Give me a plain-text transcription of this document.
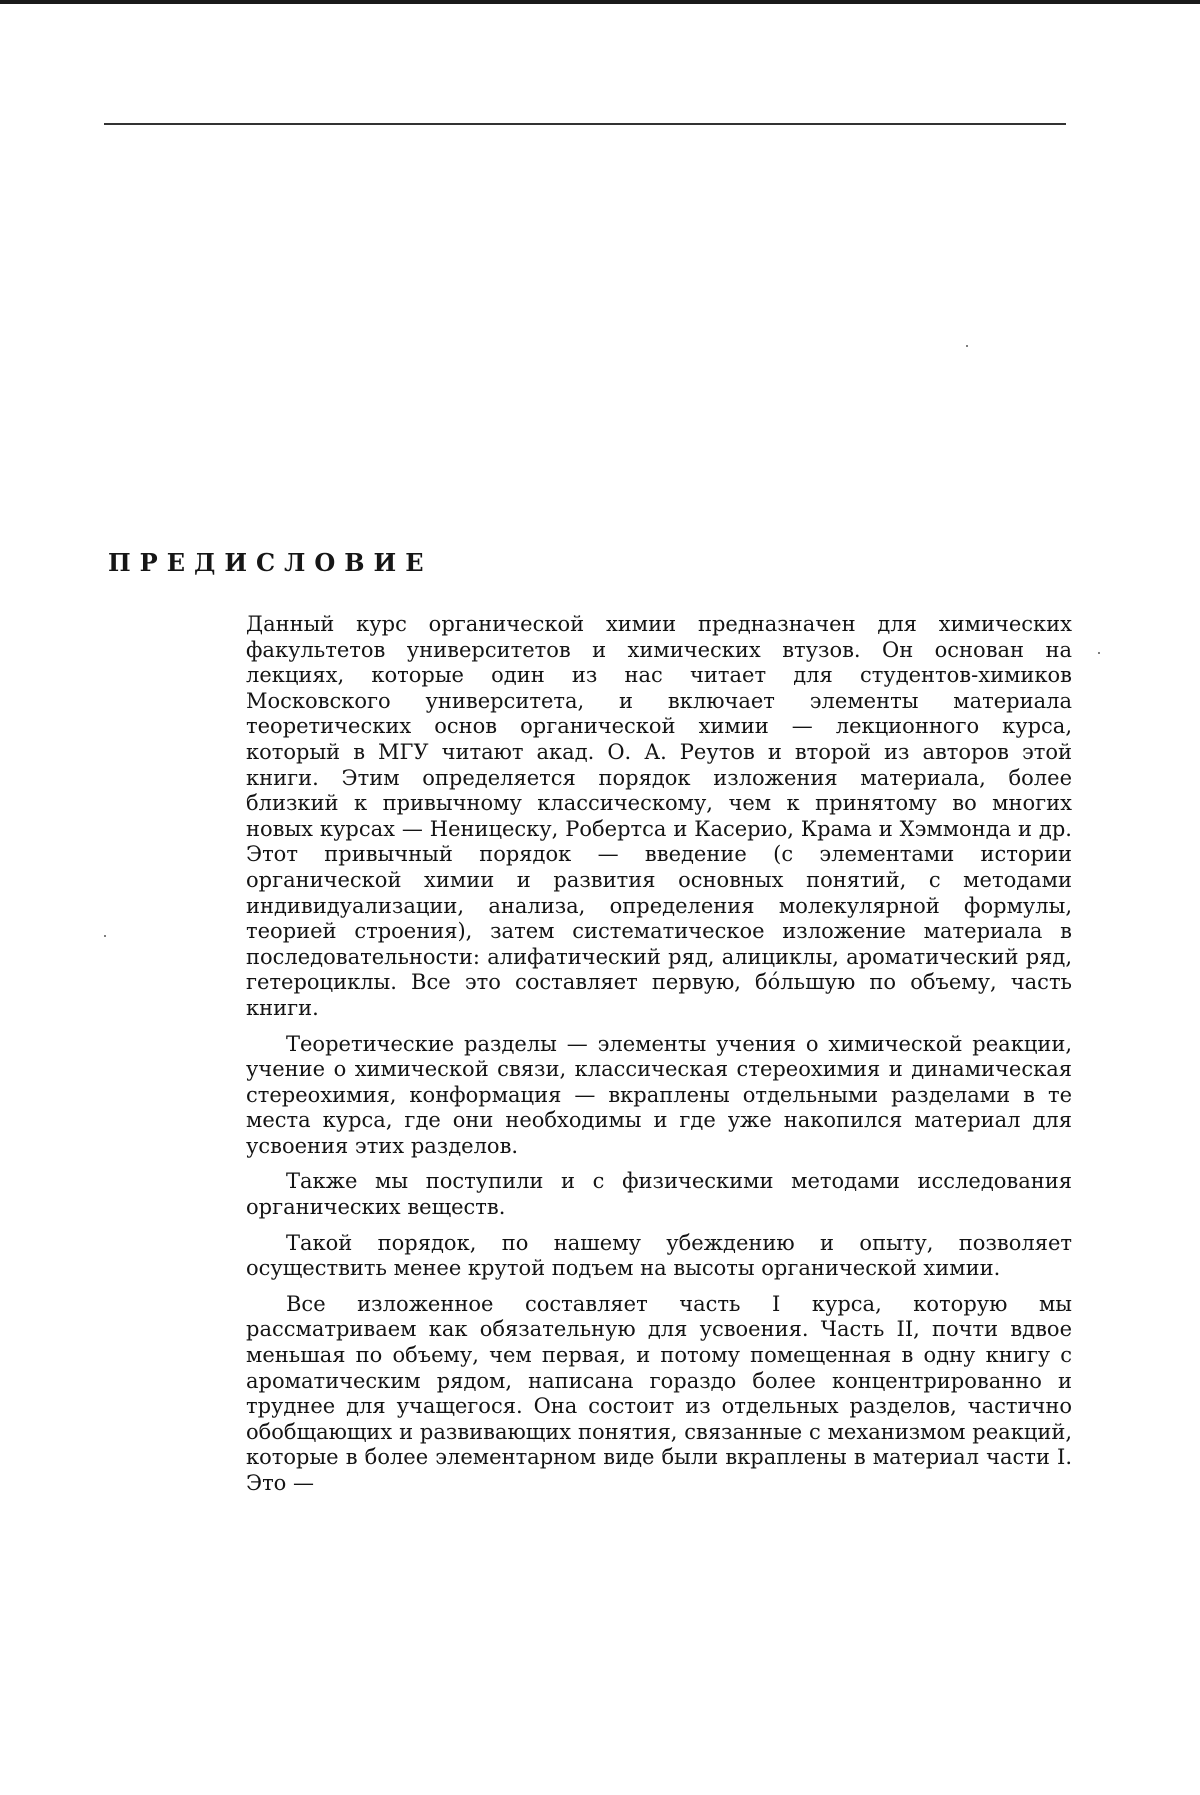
ПРЕДИСЛОВИЕ

Данный курс органической химии предназначен для химических факультетов университетов и химических втузов. Он основан на лекциях, которые один из нас читает для студентов-химиков Московского университета, и включает элементы материала теоретических основ органической химии — лекционного курса, который в МГУ читают акад. О. А. Реутов и второй из авторов этой книги. Этим определяется порядок изложения материала, более близкий к привычному классическому, чем к принятому во многих новых курсах — Неницеску, Робертса и Касерио, Крама и Хэммонда и др. Этот привычный порядок — введение (с элементами истории органической химии и развития основных понятий, с методами индивидуализации, анализа, определения молекулярной формулы, теорией строения), затем систематическое изложение материала в последовательности: алифатический ряд, алициклы, ароматический ряд, гетероциклы. Все это составляет первую, бо́льшую по объему, часть книги.

Теоретические разделы — элементы учения о химической реакции, учение о химической связи, классическая стереохимия и динамическая стереохимия, конформация — вкраплены отдельными разделами в те места курса, где они необходимы и где уже накопился материал для усвоения этих разделов.

Также мы поступили и с физическими методами исследования органических веществ.

Такой порядок, по нашему убеждению и опыту, позволяет осуществить менее крутой подъем на высоты органической химии.

Все изложенное составляет часть I курса, которую мы рассматриваем как обязательную для усвоения. Часть II, почти вдвое меньшая по объему, чем первая, и потому помещенная в одну книгу с ароматическим рядом, написана гораздо более концентрированно и труднее для учащегося. Она состоит из отдельных разделов, частично обобщающих и развивающих понятия, связанные с механизмом реакций, которые в более элементарном виде были вкраплены в материал части I. Это —
